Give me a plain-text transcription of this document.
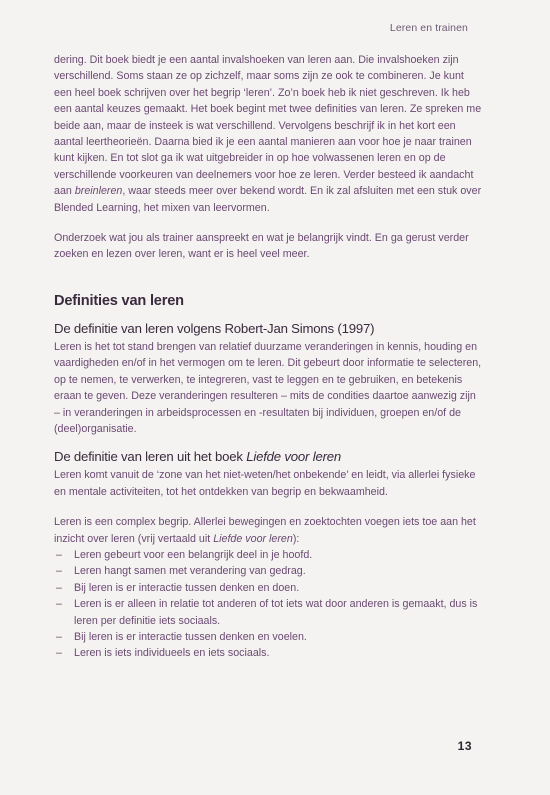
Leren en trainen

dering. Dit boek biedt je een aantal invalshoeken van leren aan. Die invalshoeken zijn verschillend. Soms staan ze op zichzelf, maar soms zijn ze ook te combineren. Je kunt een heel boek schrijven over het begrip ‘leren’. Zo’n boek heb ik niet geschreven. Ik heb een aantal keuzes gemaakt. Het boek begint met twee definities van leren. Ze spreken me beide aan, maar de insteek is wat verschillend. Vervolgens beschrijf ik in het kort een aantal leertheorieën. Daarna bied ik je een aantal manieren aan voor hoe je naar trainen kunt kijken. En tot slot ga ik wat uitgebreider in op hoe volwassenen leren en op de verschillende voorkeuren van deelnemers voor hoe ze leren. Verder besteed ik aandacht aan breinleren, waar steeds meer over bekend wordt. En ik zal afsluiten met een stuk over Blended Learning, het mixen van leervormen.

Onderzoek wat jou als trainer aanspreekt en wat je belangrijk vindt. En ga gerust verder zoeken en lezen over leren, want er is heel veel meer.

Definities van leren
De definitie van leren volgens Robert-Jan Simons (1997)

Leren is het tot stand brengen van relatief duurzame veranderingen in kennis, houding en vaardigheden en/of in het vermogen om te leren. Dit gebeurt door informatie te selecteren, op te nemen, te verwerken, te integreren, vast te leggen en te gebruiken, en betekenis eraan te geven. Deze veranderingen resulteren – mits de condities daartoe aanwezig zijn – in veranderingen in arbeidsprocessen en -resultaten bij individuen, groepen en/of de (deel)organisatie.

De definitie van leren uit het boek Liefde voor leren

Leren komt vanuit de ‘zone van het niet-weten/het onbekende’ en leidt, via allerlei fysieke en mentale activiteiten, tot het ontdekken van begrip en bekwaamheid.

Leren is een complex begrip. Allerlei bewegingen en zoektochten voegen iets toe aan het inzicht over leren (vrij vertaald uit Liefde voor leren):

– Leren gebeurt voor een belangrijk deel in je hoofd.
– Leren hangt samen met verandering van gedrag.
– Bij leren is er interactie tussen denken en doen.
– Leren is er alleen in relatie tot anderen of tot iets wat door anderen is gemaakt, dus is leren per definitie iets sociaals.
– Bij leren is er interactie tussen denken en voelen.
– Leren is iets individueels en iets sociaals.
13
